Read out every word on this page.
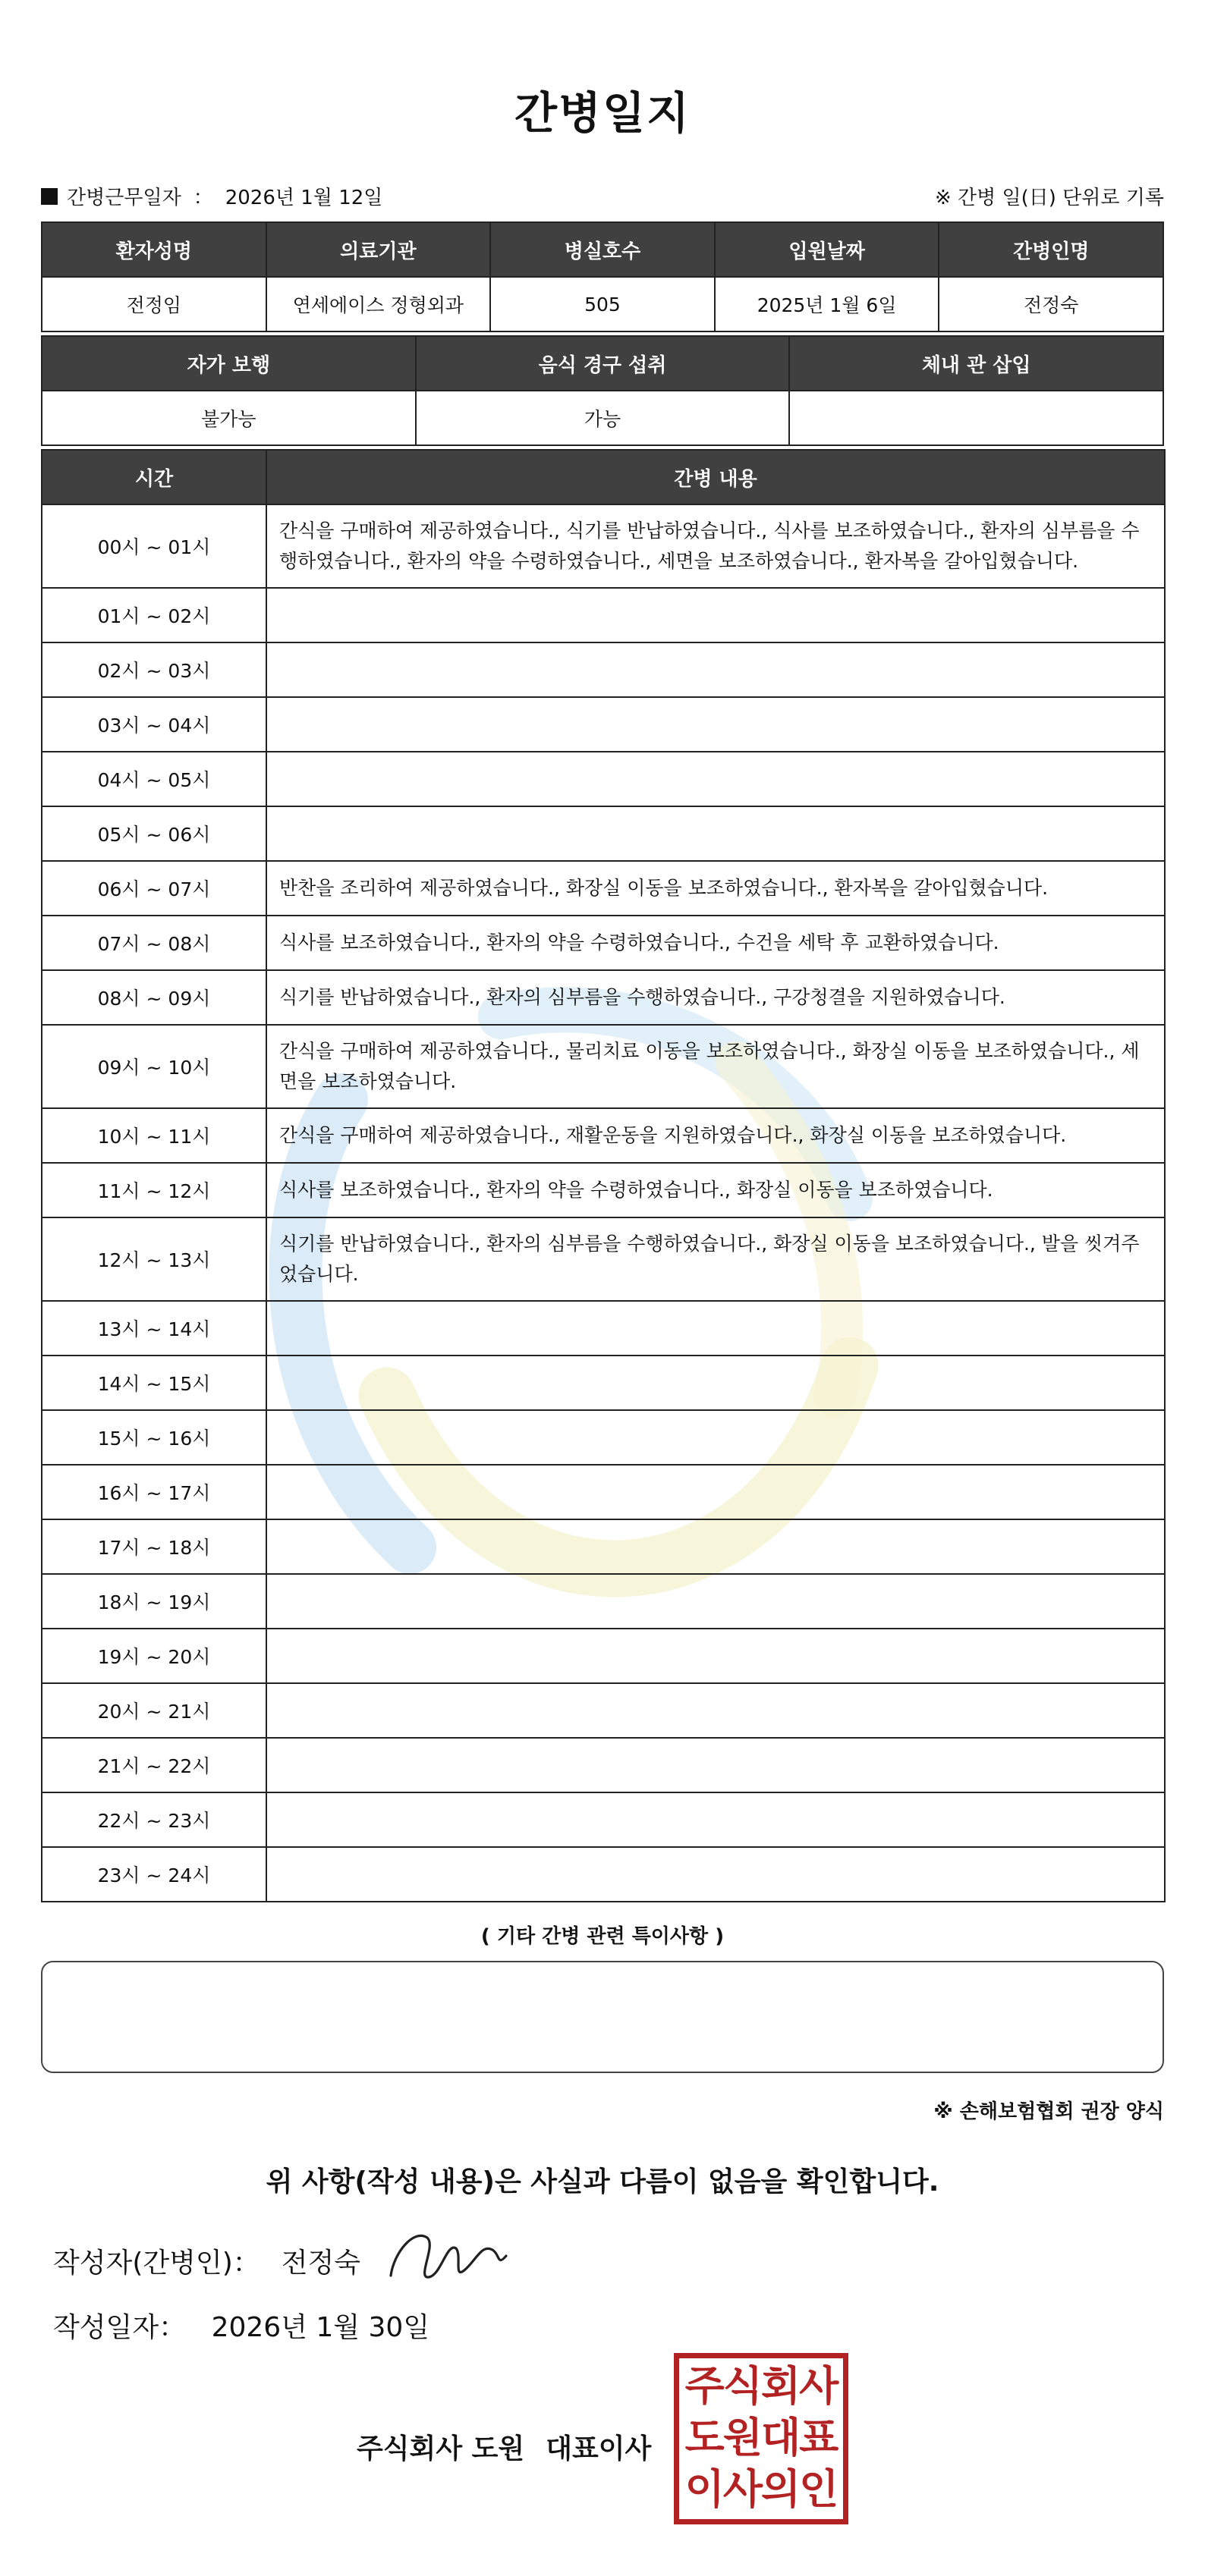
간병일지
간병근무일자 ： 2026년 1월 12일	※ 간병 일(日) 단위로 기록
환자성명	의료기관	병실호수	입원날짜	간병인명
전정임	연세에이스 정형외과	505	2025년 1월 6일	전정숙
자가 보행	음식 경구 섭취	체내 관 삽입
불가능	가능	
시간	간병 내용
00시 ~ 01시	간식을 구매하여 제공하였습니다., 식기를 반납하였습니다., 식사를 보조하였습니다., 환자의 심부름을 수행하였습니다., 환자의 약을 수령하였습니다., 세면을 보조하였습니다., 환자복을 갈아입혔습니다.
01시 ~ 02시	
02시 ~ 03시	
03시 ~ 04시	
04시 ~ 05시	
05시 ~ 06시	
06시 ~ 07시	반찬을 조리하여 제공하였습니다., 화장실 이동을 보조하였습니다., 환자복을 갈아입혔습니다.
07시 ~ 08시	식사를 보조하였습니다., 환자의 약을 수령하였습니다., 수건을 세탁 후 교환하였습니다.
08시 ~ 09시	식기를 반납하였습니다., 환자의 심부름을 수행하였습니다., 구강청결을 지원하였습니다.
09시 ~ 10시	간식을 구매하여 제공하였습니다., 물리치료 이동을 보조하였습니다., 화장실 이동을 보조하였습니다., 세면을 보조하였습니다.
10시 ~ 11시	간식을 구매하여 제공하였습니다., 재활운동을 지원하였습니다., 화장실 이동을 보조하였습니다.
11시 ~ 12시	식사를 보조하였습니다., 환자의 약을 수령하였습니다., 화장실 이동을 보조하였습니다.
12시 ~ 13시	식기를 반납하였습니다., 환자의 심부름을 수행하였습니다., 화장실 이동을 보조하였습니다., 발을 씻겨주었습니다.
13시 ~ 14시	
14시 ~ 15시	
15시 ~ 16시	
16시 ~ 17시	
17시 ~ 18시	
18시 ~ 19시	
19시 ~ 20시	
20시 ~ 21시	
21시 ~ 22시	
22시 ~ 23시	
23시 ~ 24시	
( 기타 간병 관련 특이사항 )
※ 손해보험협회 권장 양식
위 사항(작성 내용)은 사실과 다름이 없음을 확인합니다.
작성자(간병인)： 전정숙
작성일자： 2026년 1월 30일
주식회사 도원 대표이사
주식회사
도원대표
이사의인
